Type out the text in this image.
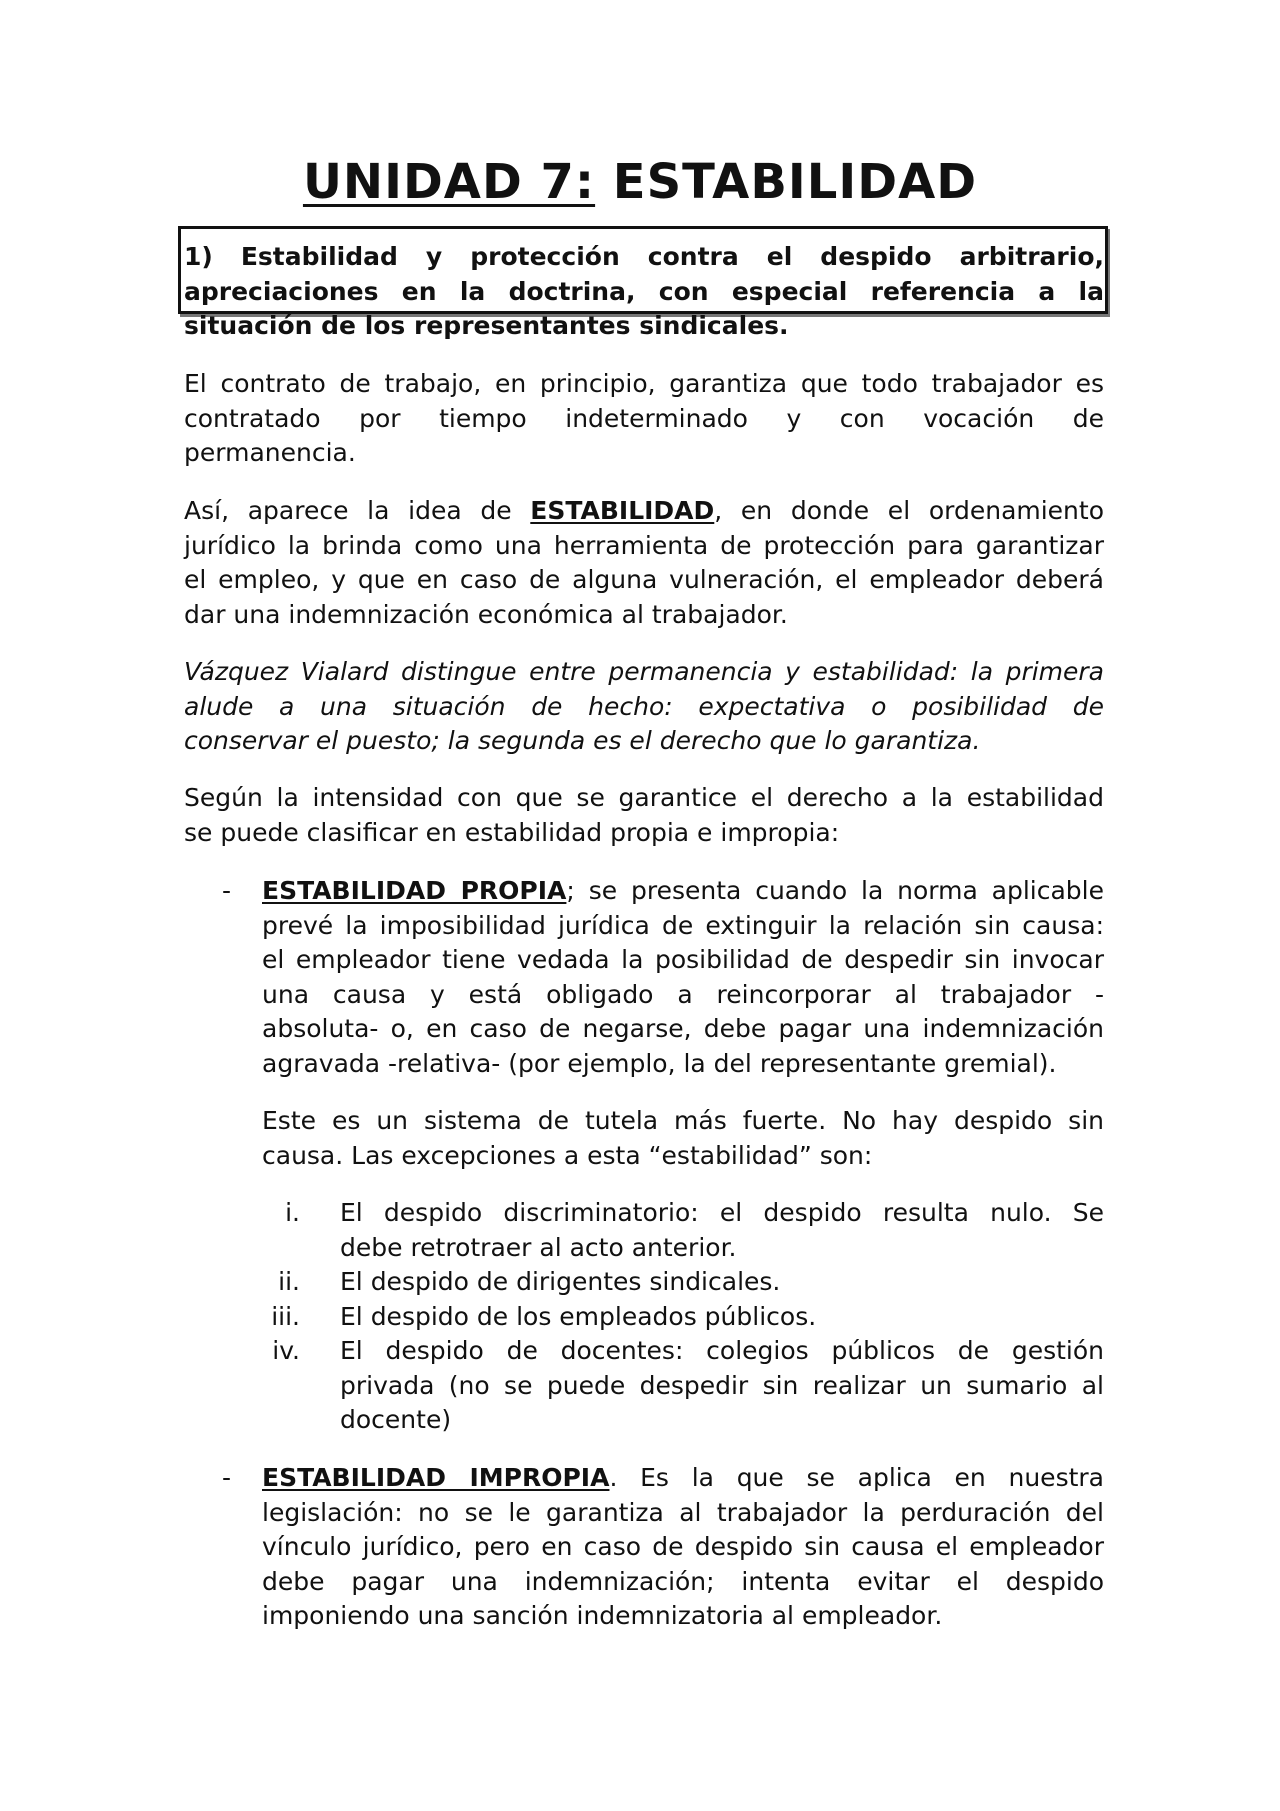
UNIDAD 7: ESTABILIDAD
1) Estabilidad y protección contra el despido arbitrario,
apreciaciones en la doctrina, con especial referencia a la
situación de los representantes sindicales.
El contrato de trabajo, en principio, garantiza que todo trabajador es
contratado por tiempo indeterminado y con vocación de
permanencia.
Así, aparece la idea de ESTABILIDAD, en donde el ordenamiento
jurídico la brinda como una herramienta de protección para garantizar
el empleo, y que en caso de alguna vulneración, el empleador deberá
dar una indemnización económica al trabajador.
Vázquez Vialard distingue entre permanencia y estabilidad: la primera
alude a una situación de hecho: expectativa o posibilidad de
conservar el puesto; la segunda es el derecho que lo garantiza.
Según la intensidad con que se garantice el derecho a la estabilidad
se puede clasificar en estabilidad propia e impropia:
- ESTABILIDAD PROPIA; se presenta cuando la norma aplicable
prevé la imposibilidad jurídica de extinguir la relación sin causa:
el empleador tiene vedada la posibilidad de despedir sin invocar
una causa y está obligado a reincorporar al trabajador -
absoluta- o, en caso de negarse, debe pagar una indemnización
agravada -relativa- (por ejemplo, la del representante gremial).
Este es un sistema de tutela más fuerte. No hay despido sin
causa. Las excepciones a esta “estabilidad” son:
i. El despido discriminatorio: el despido resulta nulo. Se
debe retrotraer al acto anterior.
ii. El despido de dirigentes sindicales.
iii. El despido de los empleados públicos.
iv. El despido de docentes: colegios públicos de gestión
privada (no se puede despedir sin realizar un sumario al
docente)
- ESTABILIDAD IMPROPIA. Es la que se aplica en nuestra
legislación: no se le garantiza al trabajador la perduración del
vínculo jurídico, pero en caso de despido sin causa el empleador
debe pagar una indemnización; intenta evitar el despido
imponiendo una sanción indemnizatoria al empleador.
